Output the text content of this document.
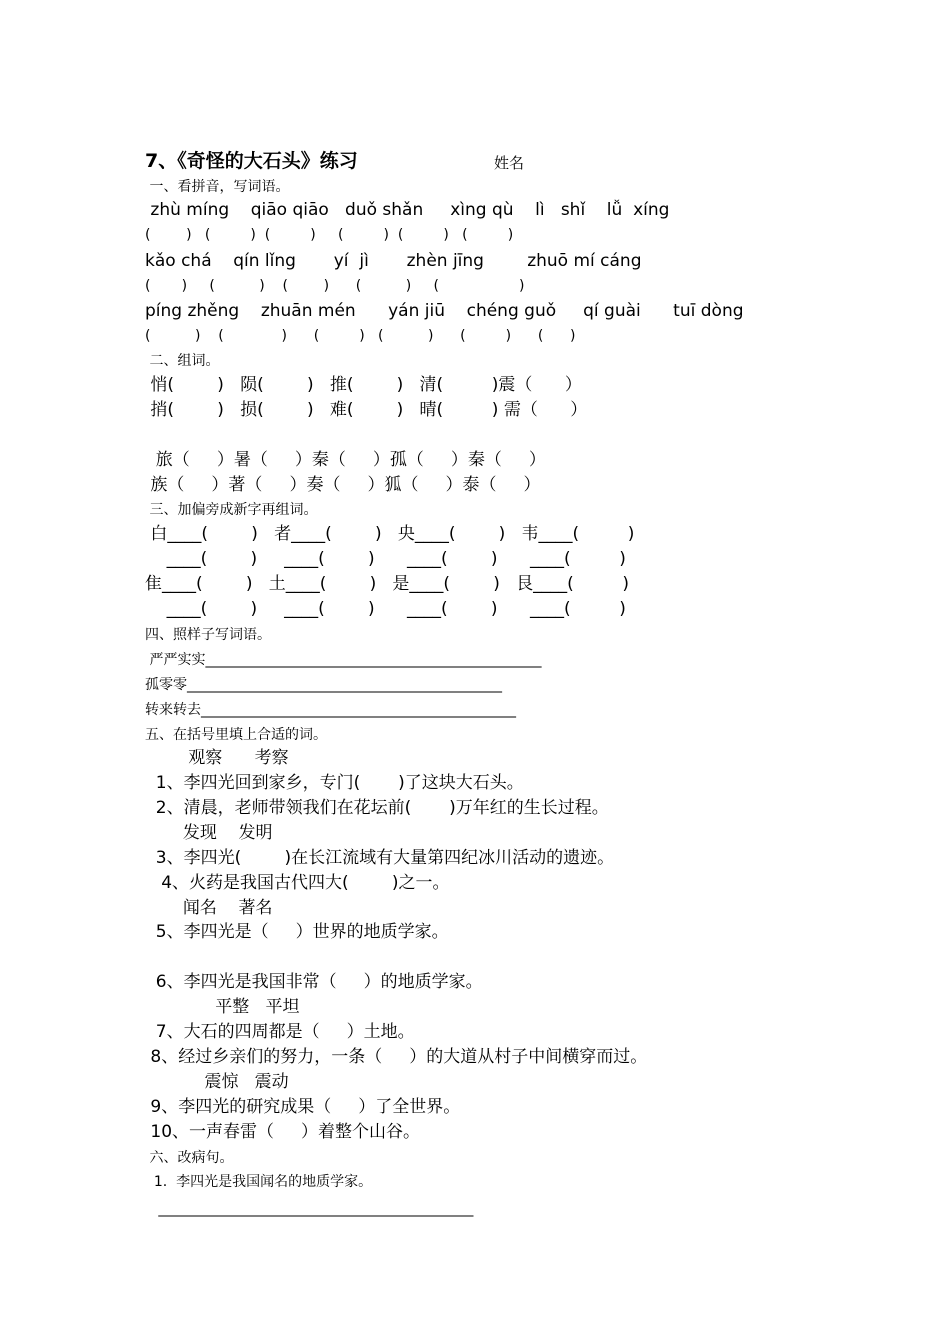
7、《奇怪的大石头》练习	姓名
一、看拼音，写词语。
zhù míng    qiāo qiāo   duǒ shǎn     xìng qù    lì   shǐ    lǚ  xíng
(        )   (         )  (         )     (         )  (         )   (         )
kǎo chá    qín lǐng       yí  jì       zhèn jīng        zhuō mí cáng
(       )     (          )    (        )      (          )     (                  )
píng zhěng    zhuān mén      yán jiū    chéng guǒ     qí guài      tuī dòng
(          )    (             )      (         )   (          )      (         )      (      )
二、组词。
悄(        )   陨(        )   推(        )   清(         )震（      ）
捎(        )   损(        )   难(        )   晴(         ) 需（      ）
旅（     ）暑（     ）秦（     ）孤（     ）秦（     ）
族（     ）著（     ）奏（     ）狐（     ）泰（     ）
三、加偏旁成新字再组词。
白____(        )   者____(        )   央____(        )   韦____(         )
____(        )     ____(        )      ____(        )      ____(         )
隹____(        )   土____(        )   是____(        )   艮____(         )
____(        )     ____(        )      ____(        )      ____(         )
四、照样子写词语。
严严实实________________________________________________
孤零零_____________________________________________
转来转去_____________________________________________
五、在括号里填上合适的词。
观察      考察
1、李四光回到家乡，专门(       )了这块大石头。
2、清晨，老师带领我们在花坛前(       )万年红的生长过程。
发现    发明
3、李四光(        )在长江流域有大量第四纪冰川活动的遗迹。
4、火药是我国古代四大(        )之一。
闻名    著名
5、李四光是（     ）世界的地质学家。
6、李四光是我国非常（     ）的地质学家。
平整   平坦
7、大石的四周都是（     ）土地。
8、经过乡亲们的努力，一条（     ）的大道从村子中间横穿而过。
震惊   震动
9、李四光的研究成果（     ）了全世界。
10、一声春雷（     ）着整个山谷。
六、改病句。
1.  李四光是我国闻名的地质学家。
_____________________________________________
